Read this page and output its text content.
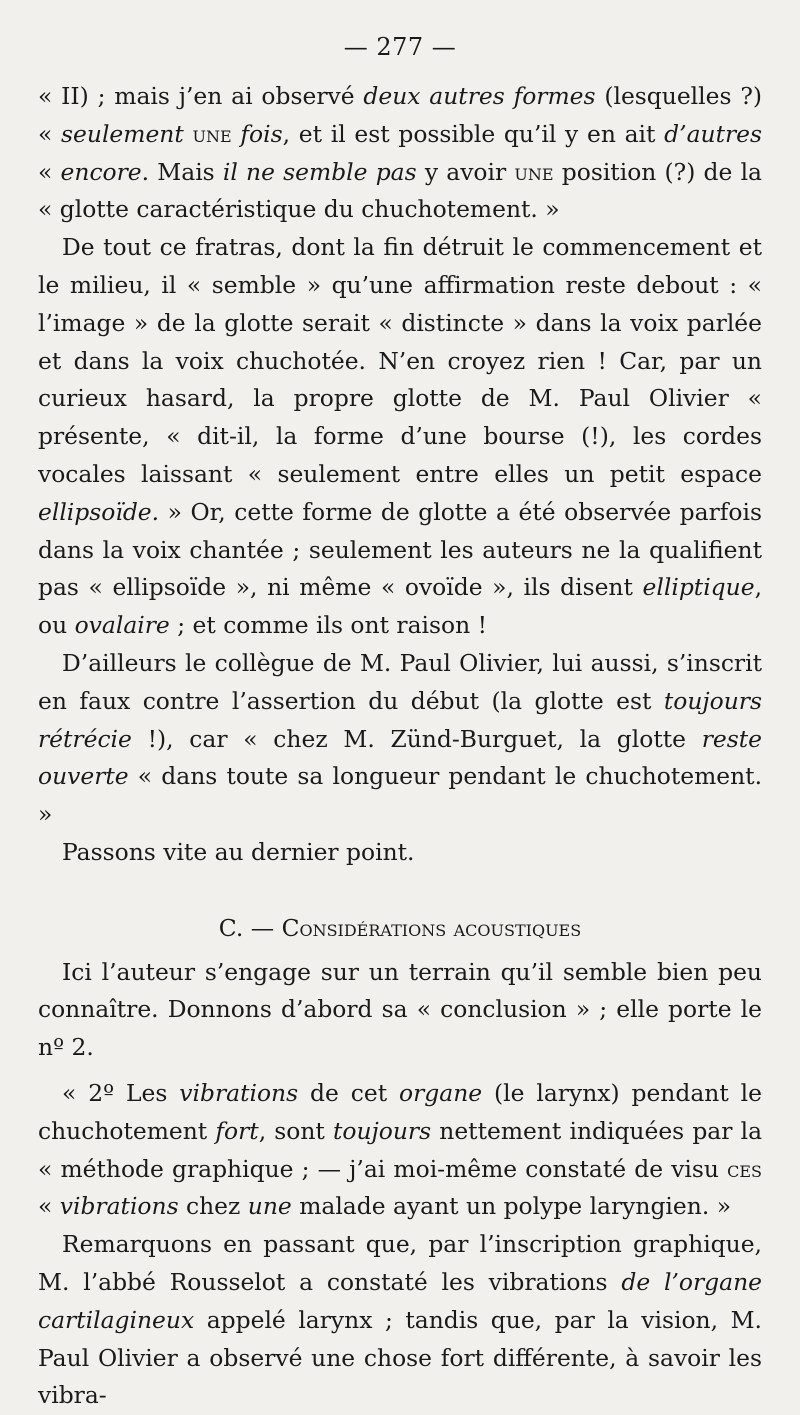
— 277 —

« II) ; mais j’en ai observé deux autres formes (lesquelles ?) « seulement une fois, et il est possible qu’il y en ait d’autres « encore. Mais il ne semble pas y avoir une position (?) de la « glotte caractéristique du chuchotement. »

De tout ce fratras, dont la fin détruit le commencement et le milieu, il « semble » qu’une affirmation reste debout : « l’image » de la glotte serait « distincte » dans la voix parlée et dans la voix chuchotée. N’en croyez rien ! Car, par un curieux hasard, la propre glotte de M. Paul Olivier « présente, « dit-il, la forme d’une bourse (!), les cordes vocales laissant « seulement entre elles un petit espace ellipsoïde. » Or, cette forme de glotte a été observée parfois dans la voix chantée ; seulement les auteurs ne la qualifient pas « ellipsoïde », ni même « ovoïde », ils disent elliptique, ou ovalaire ; et comme ils ont raison !

D’ailleurs le collègue de M. Paul Olivier, lui aussi, s’inscrit en faux contre l’assertion du début (la glotte est toujours rétrécie !), car « chez M. Zünd-Burguet, la glotte reste ouverte « dans toute sa longueur pendant le chuchotement. »

Passons vite au dernier point.

C. — Considérations acoustiques

Ici l’auteur s’engage sur un terrain qu’il semble bien peu connaître. Donnons d’abord sa « conclusion » ; elle porte le nº 2.

« 2º Les vibrations de cet organe (le larynx) pendant le chuchotement fort, sont toujours nettement indiquées par la « méthode graphique ; — j’ai moi-même constaté de visu ces « vibrations chez une malade ayant un polype laryngien. »

Remarquons en passant que, par l’inscription graphique, M. l’abbé Rousselot a constaté les vibrations de l’organe cartilagineux appelé larynx ; tandis que, par la vision, M. Paul Olivier a observé une chose fort différente, à savoir les vibra-
